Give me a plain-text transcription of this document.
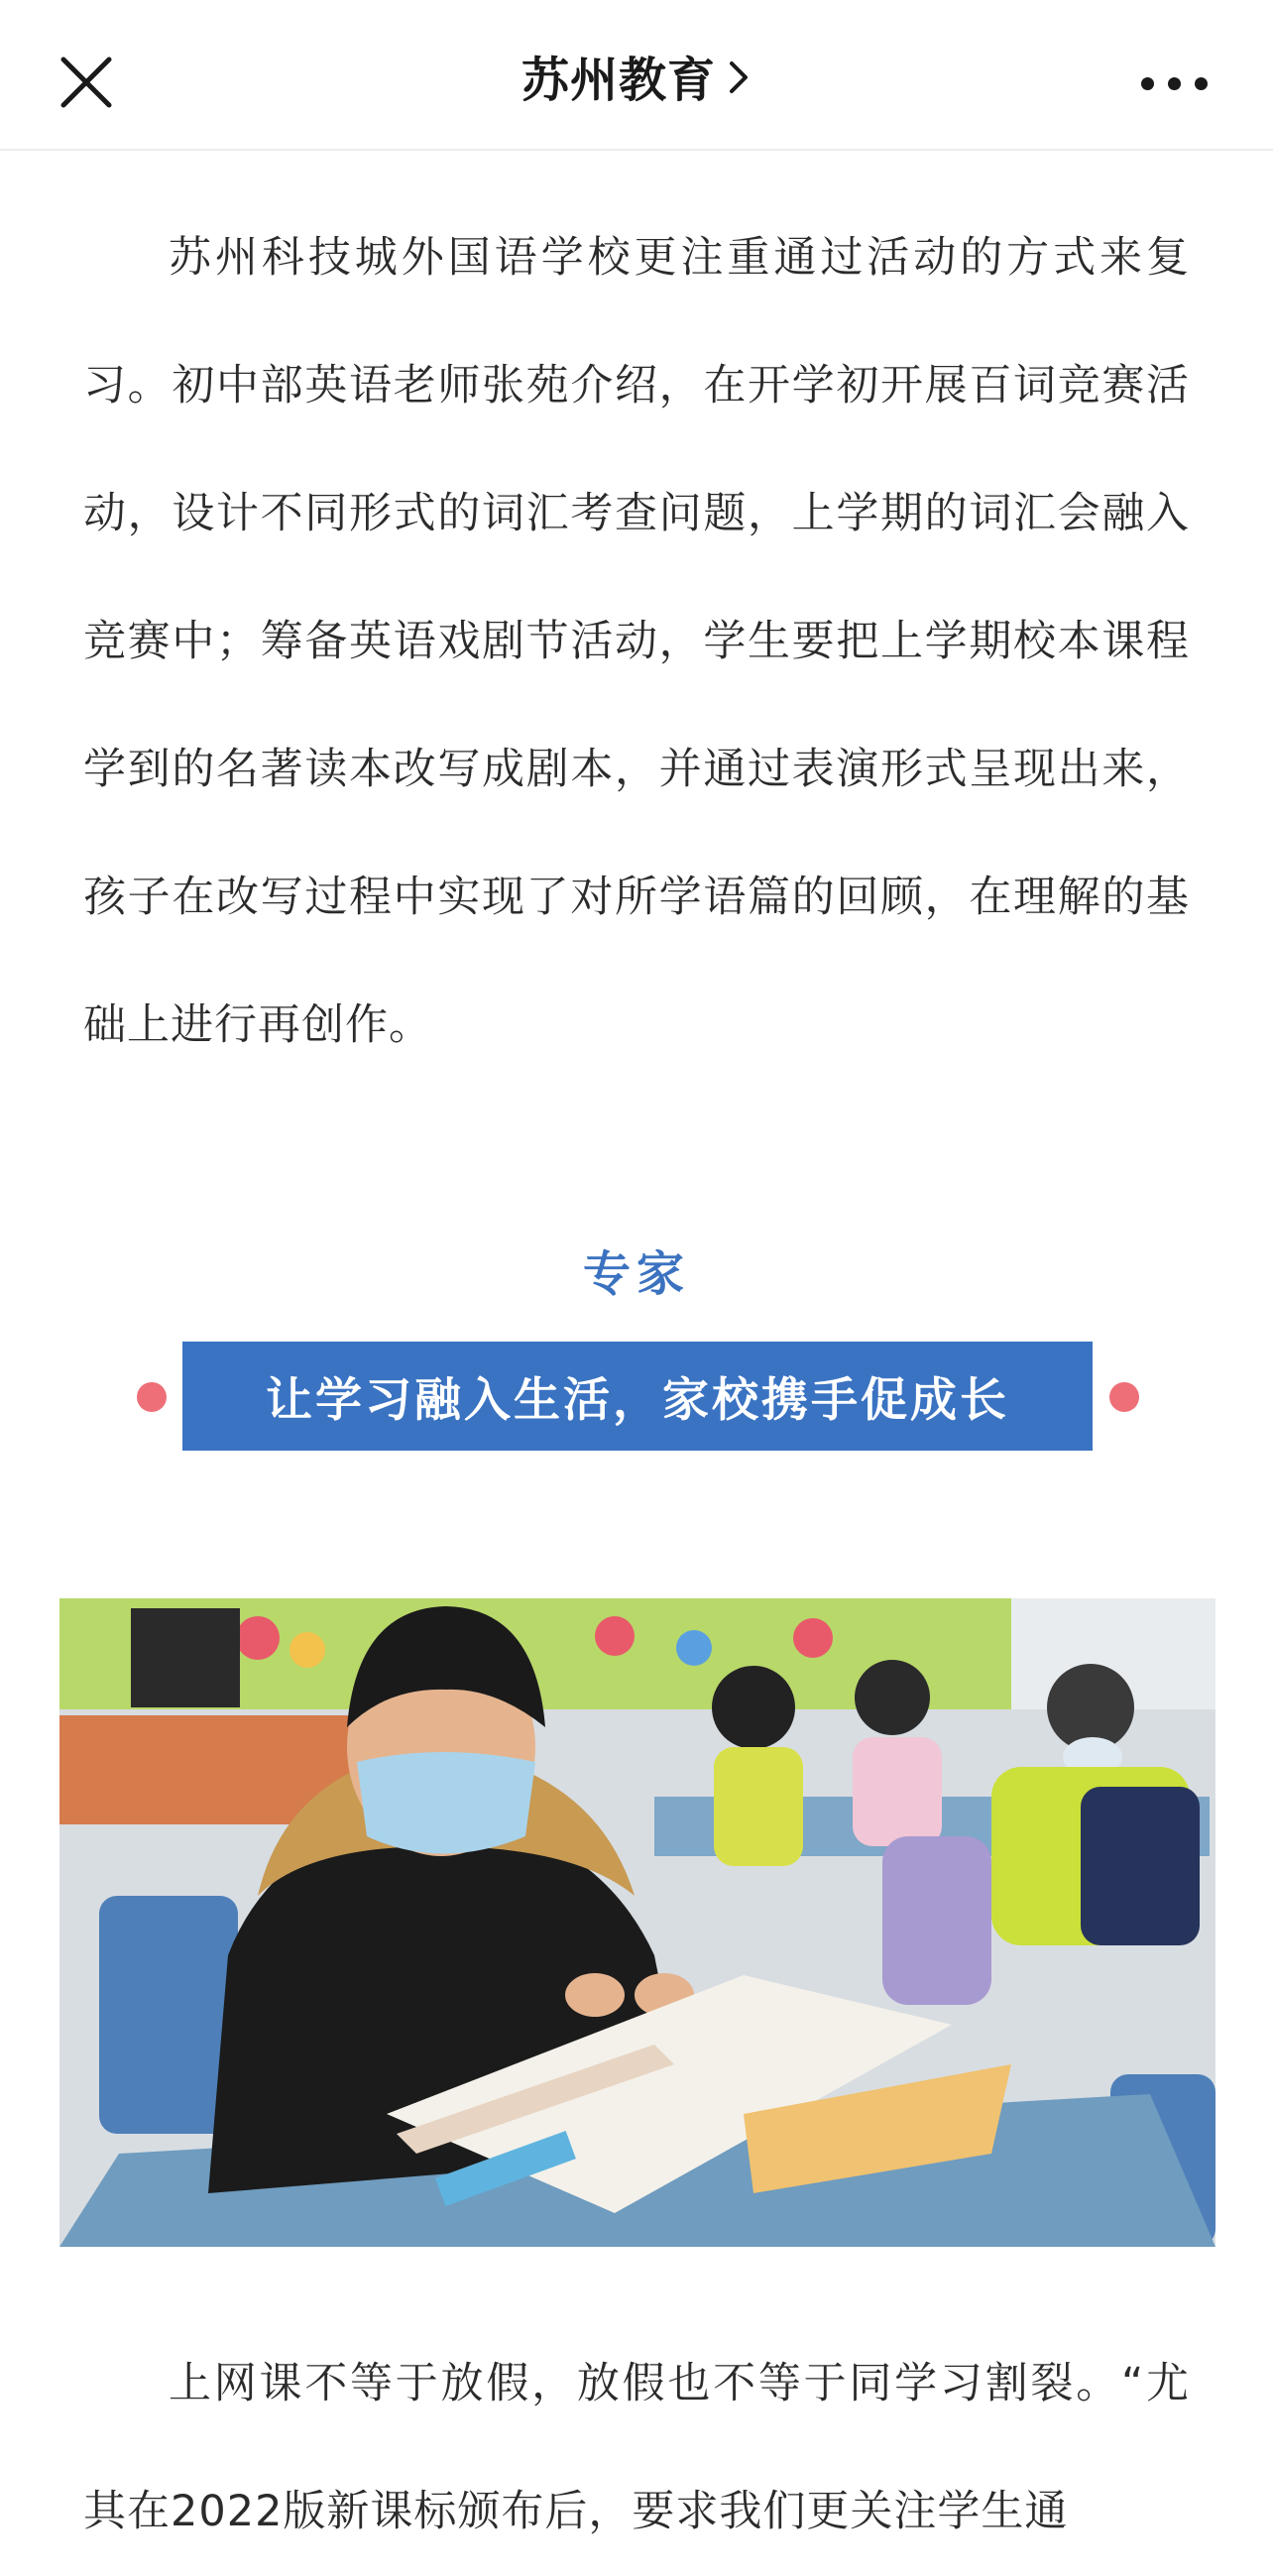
苏州教育

苏州科技城外国语学校更注重通过活动的方式来复习。初中部英语老师张苑介绍，在开学初开展百词竞赛活动，设计不同形式的词汇考查问题，上学期的词汇会融入竞赛中；筹备英语戏剧节活动，学生要把上学期校本课程学到的名著读本改写成剧本，并通过表演形式呈现出来，孩子在改写过程中实现了对所学语篇的回顾，在理解的基础上进行再创作。

专家
让学习融入生活，家校携手促成长

上网课不等于放假，放假也不等于同学习割裂。“尤其在2022版新课标颁布后，要求我们更关注学生通
